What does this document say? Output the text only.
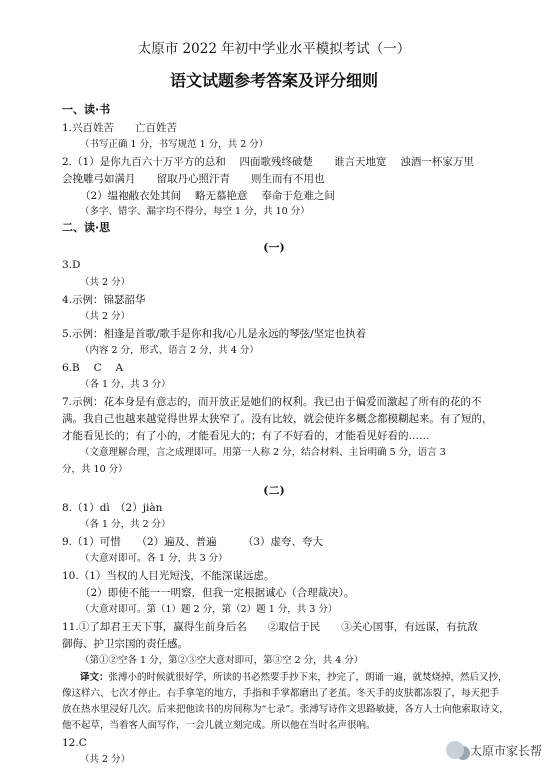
太原市 2022 年初中学业水平模拟考试（一）
语文试题参考答案及评分细则
一、读·书
1.兴百姓苦　　亡百姓苦
（书写正确 1 分，书写规范 1 分，共 2 分）
2.（1）是你九百六十万平方的总和　 四面歌残终破楚　　谁言天地宽　 浊酒一杯家万里
会挽雕弓如满月　　留取丹心照汗青　　则生而有不用也
（2）缊袍敝衣处其间　 略无慕艳意　 奉命于危难之间
（多字、错字、漏字均不得分，每空 1 分，共 10 分）
二、读·思
(一)
3.D
（共 2 分）
4.示例：锦瑟韶华
（共 2 分）
5.示例：相逢是首歌/歌手是你和我/心儿是永远的琴弦/坚定也执着
（内容 2 分，形式、语言 2 分，共 4 分）
6.B　 C　 A
（各 1 分，共 3 分）
7.示例：花本身是有意志的，而开放正是她们的权利。我已由于偏爱而激起了所有的花的不
满。我自己也越来越觉得世界太狭窄了。没有比较，就会使许多概念都模糊起来。有了短的，
才能看见长的；有了小的，才能看见大的；有了不好看的，才能看见好看的……
（文意理解合理，言之成理即可。用第一人称 2 分，结合材料、主旨明确 5 分，语言 3
分，共 10 分）
(二)
8.（1）dì　（2）jiàn
（各 1 分，共 2 分）
9.（1）可惜　　（2）遍及、普遍　　　（3）虚夸、夸大
（大意对即可。各 1 分，共 3 分）
10.（1）当权的人目光短浅，不能深谋远虑。
（2）即使不能一一明察，但我一定根据诚心（合理裁决）。
（大意对即可。第（1）题 2 分，第（2）题 1 分，共 3 分）
11.①了却君王天下事，赢得生前身后名　　②取信于民　　③关心国事，有远谋，有抗敌
御侮、护卫宗国的责任感。
（第①②空各 1 分，第②③空大意对即可，第③空 2 分，共 4 分）
译文：张溥小的时候就很好学，所读的书必然要手抄下来，抄完了，朗诵一遍，就焚烧掉，然后又抄，
像这样六、七次才停止。右手拿笔的地方，手指和手掌都磨出了老茧。冬天手的皮肤都冻裂了，每天把手
放在热水里浸好几次。后来把他读书的房间称为“七录”。张溥写诗作文思路敏捷，各方人士向他索取诗文，
他不起草，当着客人面写作，一会儿就立刻完成。所以他在当时名声很响。
12.C
（共 2 分）
太原市家长帮
